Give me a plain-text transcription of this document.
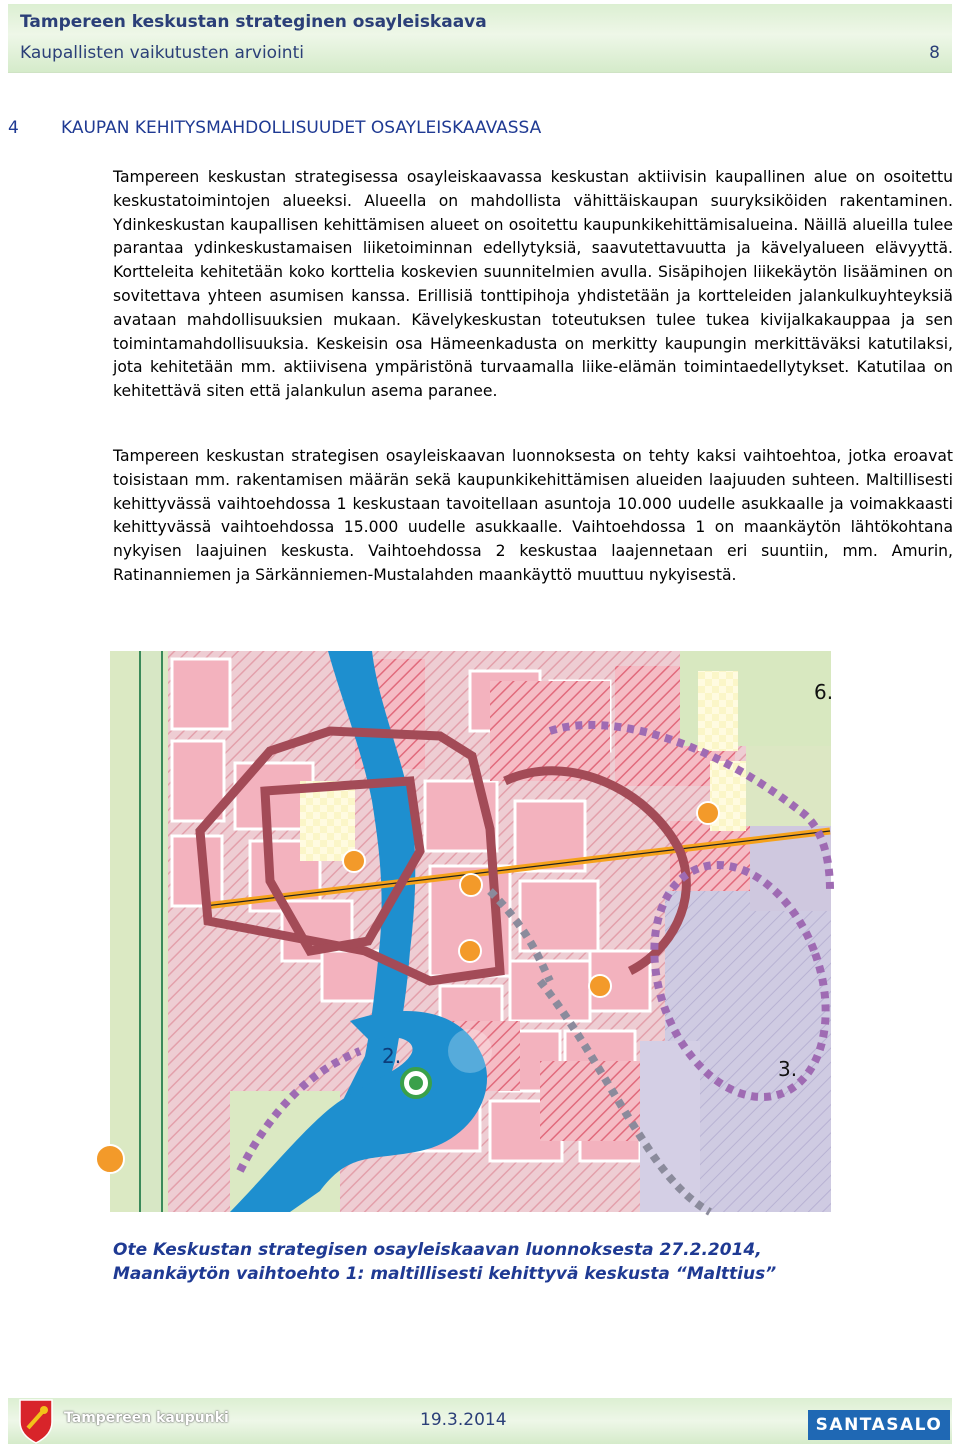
Tampereen keskustan strateginen osayleiskaava
Kaupallisten vaikutusten arviointi	8
4 KAUPAN KEHITYSMAHDOLLISUUDET OSAYLEISKAAVASSA

Tampereen keskustan strategisessa osayleiskaavassa keskustan aktiivisin kaupallinen alue on osoitettu keskustatoimintojen alueeksi. Alueella on mahdollista vähittäiskaupan suuryksiköiden rakentaminen. Ydinkeskustan kaupallisen kehittämisen alueet on osoitettu kaupunkikehittämisalueina. Näillä alueilla tulee parantaa ydinkeskustamaisen liiketoiminnan edellytyksiä, saavutettavuutta ja kävelyalueen elävyyttä. Kortteleita kehitetään koko korttelia koskevien suunnitelmien avulla. Sisäpihojen liikekäytön lisääminen on sovitettava yhteen asumisen kanssa. Erillisiä tonttipihoja yhdistetään ja kortteleiden jalankulkuyhteyksiä avataan mahdollisuuksien mukaan. Kävelykeskustan toteutuksen tulee tukea kivijalkakauppaa ja sen toimintamahdollisuuksia. Keskeisin osa Hämeenkadusta on merkitty kaupungin merkittäväksi katutilaksi, jota kehitetään mm. aktiivisena ympäristönä turvaamalla liike-elämän toimintaedellytykset. Katutilaa on kehitettävä siten että jalankulun asema paranee.

Tampereen keskustan strategisen osayleiskaavan luonnoksesta on tehty kaksi vaihtoehtoa, jotka eroavat toisistaan mm. rakentamisen määrän sekä kaupunkikehittämisen alueiden laajuuden suhteen. Maltillisesti kehittyvässä vaihtoehdossa 1 keskustaan tavoitellaan asuntoja 10.000 uudelle asukkaalle ja voimakkaasti kehittyvässä vaihtoehdossa 15.000 uudelle asukkaalle. Vaihtoehdossa 1 on maankäytön lähtökohtana nykyisen laajuinen keskusta. Vaihtoehdossa 2 keskustaa laajennetaan eri suuntiin, mm. Amurin, Ratinanniemen ja Särkänniemen-Mustalahden maankäyttö muuttuu nykyisestä.

2.
3.
6.

Ote Keskustan strategisen osayleiskaavan luonnoksesta 27.2.2014,
Maankäytön vaihtoehto 1: maltillisesti kehittyvä keskusta “Malttius”

Tampereen kaupunki	19.3.2014	SANTASALO
